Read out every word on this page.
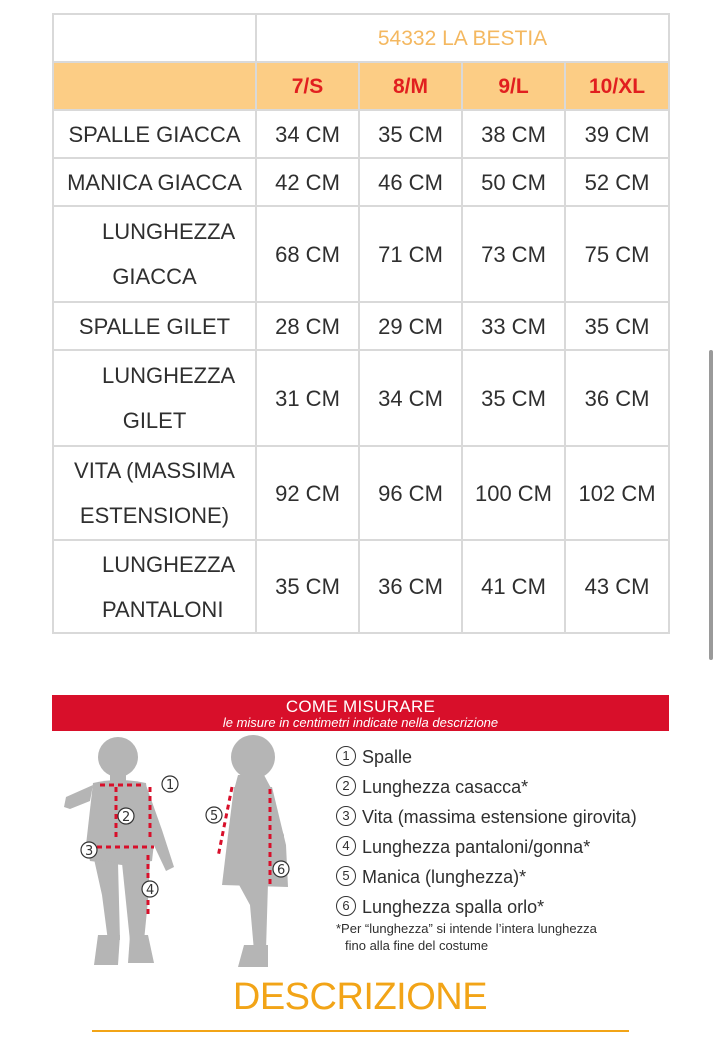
	54332 LA BESTIA			
	7/S	8/M	9/L	10/XL
SPALLE GIACCA	34 CM	35 CM	38 CM	39 CM
MANICA GIACCA	42 CM	46 CM	50 CM	52 CM
LUNGHEZZA GIACCA	68 CM	71 CM	73 CM	75 CM
SPALLE GILET	28 CM	29 CM	33 CM	35 CM
LUNGHEZZA GILET	31 CM	34 CM	35 CM	36 CM
VITA (MASSIMA ESTENSIONE)	92 CM	96 CM	100 CM	102 CM
LUNGHEZZA PANTALONI	35 CM	36 CM	41 CM	43 CM
COME MISURARE
le misure in centimetri indicate nella descrizione
1
2
3
4
5
6
1 Spalle
2 Lunghezza casacca*
3 Vita (massima estensione girovita)
4 Lunghezza pantaloni/gonna*
5 Manica (lunghezza)*
6 Lunghezza spalla orlo*
*Per “lunghezza” si intende l’intera lunghezza
fino alla fine del costume
DESCRIZIONE
